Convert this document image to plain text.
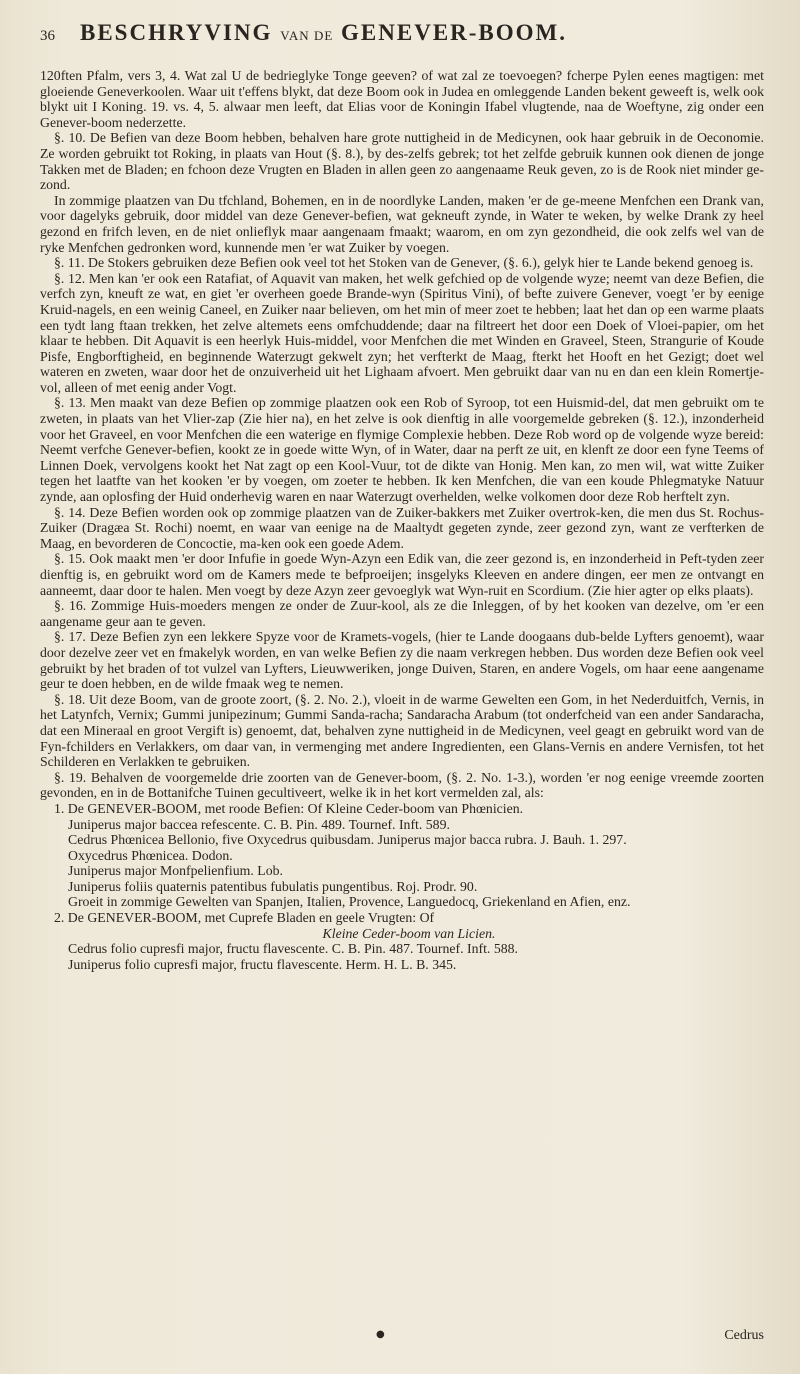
36	BESCHRYVING VAN DE GENEVER-BOOM.

120ften Pfalm, vers 3, 4. Wat zal U de bedrieglyke Tonge geeven? of wat zal ze toevoegen? fcherpe Pylen eenes magtigen: met gloeiende Geneverkoolen. Waar uit t'effens blykt, dat deze Boom ook in Judea en omleggende Landen bekent geweeft is, welk ook blykt uit I Koning. 19. vs. 4, 5. alwaar men leeft, dat Elias voor de Koningin Ifabel vlugtende, naa de Woeftyne, zig onder een Genever-boom nederzette.

§. 10. De Befien van deze Boom hebben, behalven hare grote nuttigheid in de Medicynen, ook haar gebruik in de Oeconomie. Ze worden gebruikt tot Roking, in plaats van Hout (§. 8.), by des-zelfs gebrek; tot het zelfde gebruik kunnen ook dienen de jonge Takken met de Bladen; en fchoon deze Vrugten en Bladen in allen geen zo aangenaame Reuk geven, zo is de Rook niet minder ge-zond.

In zommige plaatzen van Du tfchland, Bohemen, en in de noordlyke Landen, maken 'er de ge-meene Menfchen een Drank van, voor dagelyks gebruik, door middel van deze Genever-befien, wat gekneuft zynde, in Water te weken, by welke Drank zy heel gezond en frifch leven, en de niet onlieflyk maar aangenaam fmaakt; waarom, en om zyn gezondheid, die ook zelfs wel van de ryke Menfchen gedronken word, kunnende men 'er wat Zuiker by voegen.

§. 11. De Stokers gebruiken deze Befien ook veel tot het Stoken van de Genever, (§. 6.), gelyk hier te Lande bekend genoeg is.

§. 12. Men kan 'er ook een Ratafiat, of Aquavit van maken, het welk gefchied op de volgende wyze; neemt van deze Befien, die verfch zyn, kneuft ze wat, en giet 'er overheen goede Brande-wyn (Spiritus Vini), of befte zuivere Genever, voegt 'er by eenige Kruid-nagels, en een weinig Caneel, en Zuiker naar believen, om het min of meer zoet te hebben; laat het dan op een warme plaats een tydt lang ftaan trekken, het zelve altemets eens omfchuddende; daar na filtreert het door een Doek of Vloei-papier, om het klaar te hebben. Dit Aquavit is een heerlyk Huis-middel, voor Menfchen die met Winden en Graveel, Steen, Strangurie of Koude Pisfe, Engborftigheid, en beginnende Waterzugt gekwelt zyn; het verfterkt de Maag, fterkt het Hooft en het Gezigt; doet wel wateren en zweten, waar door het de onzuiverheid uit het Lighaam afvoert. Men gebruikt daar van nu en dan een klein Romertje-vol, alleen of met eenig ander Vogt.

§. 13. Men maakt van deze Befien op zommige plaatzen ook een Rob of Syroop, tot een Huismid-del, dat men gebruikt om te zweten, in plaats van het Vlier-zap (Zie hier na), en het zelve is ook dienftig in alle voorgemelde gebreken (§. 12.), inzonderheid voor het Graveel, en voor Menfchen die een waterige en flymige Complexie hebben. Deze Rob word op de volgende wyze bereid: Neemt verfche Genever-befien, kookt ze in goede witte Wyn, of in Water, daar na perft ze uit, en klenft ze door een fyne Teems of Linnen Doek, vervolgens kookt het Nat zagt op een Kool-Vuur, tot de dikte van Honig. Men kan, zo men wil, wat witte Zuiker tegen het laatfte van het kooken 'er by voegen, om zoeter te hebben. Ik ken Menfchen, die van een koude Phlegmatyke Natuur zynde, aan oplosfing der Huid onderhevig waren en naar Waterzugt overhelden, welke volkomen door deze Rob herftelt zyn.

§. 14. Deze Befien worden ook op zommige plaatzen van de Zuiker-bakkers met Zuiker overtrok-ken, die men dus St. Rochus-Zuiker (Dragæa St. Rochi) noemt, en waar van eenige na de Maaltydt gegeten zynde, zeer gezond zyn, want ze verfterken de Maag, en bevorderen de Concoctie, ma-ken ook een goede Adem.

§. 15. Ook maakt men 'er door Infufie in goede Wyn-Azyn een Edik van, die zeer gezond is, en inzonderheid in Peft-tyden zeer dienftig is, en gebruikt word om de Kamers mede te befproeijen; insgelyks Kleeven en andere dingen, eer men ze ontvangt en aanneemt, daar door te halen. Men voegt by deze Azyn zeer gevoeglyk wat Wyn-ruit en Scordium. (Zie hier agter op elks plaats).

§. 16. Zommige Huis-moeders mengen ze onder de Zuur-kool, als ze die Inleggen, of by het kooken van dezelve, om 'er een aangename geur aan te geven.

§. 17. Deze Befien zyn een lekkere Spyze voor de Kramets-vogels, (hier te Lande doogaans dub-belde Lyfters genoemt), waar door dezelve zeer vet en fmakelyk worden, en van welke Befien zy die naam verkregen hebben. Dus worden deze Befien ook veel gebruikt by het braden of tot vulzel van Lyfters, Lieuwweriken, jonge Duiven, Staren, en andere Vogels, om haar eene aangename geur te doen hebben, en de wilde fmaak weg te nemen.

§. 18. Uit deze Boom, van de groote zoort, (§. 2. No. 2.), vloeit in de warme Gewelten een Gom, in het Nederduitfch, Vernis, in het Latynfch, Vernix; Gummi junipezinum; Gummi Sanda-racha; Sandaracha Arabum (tot onderfcheid van een ander Sandaracha, dat een Mineraal en groot Vergift is) genoemt, dat, behalven zyne nuttigheid in de Medicynen, veel geagt en gebruikt word van de Fyn-fchilders en Verlakkers, om daar van, in vermenging met andere Ingredienten, een Glans-Vernis en andere Vernisfen, tot het Schilderen en Verlakken te gebruiken.

§. 19. Behalven de voorgemelde drie zoorten van de Genever-boom, (§. 2. No. 1-3.), worden 'er nog eenige vreemde zoorten gevonden, en in de Bottanifche Tuinen gecultiveert, welke ik in het kort vermelden zal, als:

1. De GENEVER-BOOM, met roode Befien: Of Kleine Ceder-boom van Phœnicien.

Juniperus major baccea refescente. C. B. Pin. 489. Tournef. Inft. 589.

Cedrus Phœnicea Bellonio, five Oxycedrus quibusdam. Juniperus major bacca rubra. J. Bauh. 1. 297.

Oxycedrus Phœnicea. Dodon.

Juniperus major Monfpelienfium. Lob.

Juniperus foliis quaternis patentibus fubulatis pungentibus. Roj. Prodr. 90.

Groeit in zommige Gewelten van Spanjen, Italien, Provence, Languedocq, Griekenland en Afien, enz.

2. De GENEVER-BOOM, met Cuprefe Bladen en geele Vrugten: Of

Kleine Ceder-boom van Licien.

Cedrus folio cupresfi major, fructu flavescente. C. B. Pin. 487. Tournef. Inft. 588.

Juniperus folio cupresfi major, fructu flavescente. Herm. H. L. B. 345.

●	Cedrus
